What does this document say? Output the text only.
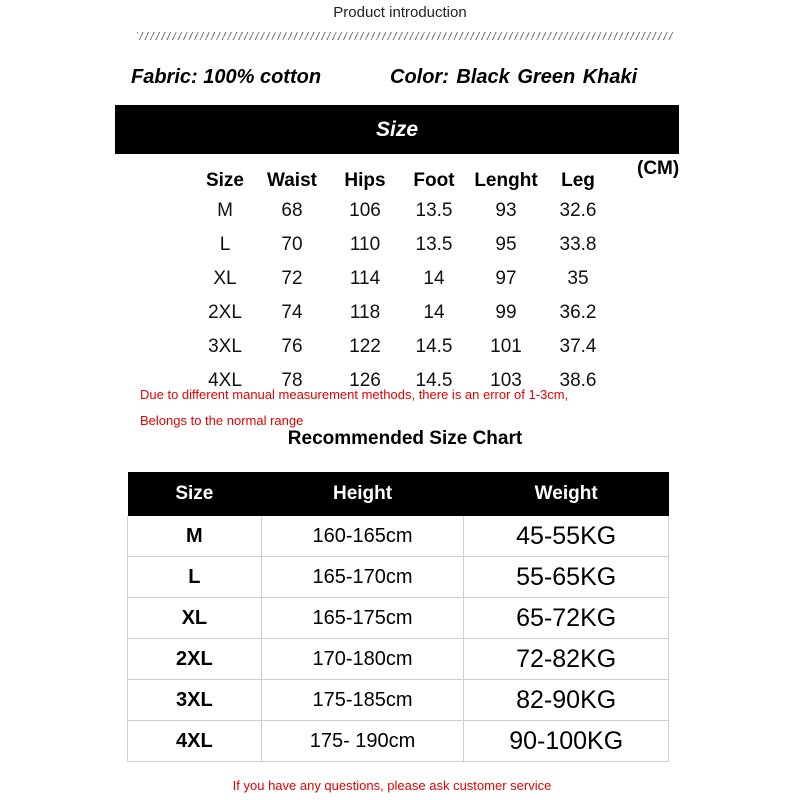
Product introduction
Fabric: 100% cotton	Color: Black Green Khaki
Size
(CM)
Size	Waist	Hips	Foot	Lenght	Leg
M	68	106	13.5	93	32.6
L	70	110	13.5	95	33.8
XL	72	114	14	97	35
2XL	74	118	14	99	36.2
3XL	76	122	14.5	101	37.4
4XL	78	126	14.5	103	38.6
Due to different manual measurement methods, there is an error of 1-3cm,
Belongs to the normal range
Recommended Size Chart
Size	Height	Weight
M	160-165cm	45-55KG
L	165-170cm	55-65KG
XL	165-175cm	65-72KG
2XL	170-180cm	72-82KG
3XL	175-185cm	82-90KG
4XL	175- 190cm	90-100KG
If you have any questions, please ask customer service
